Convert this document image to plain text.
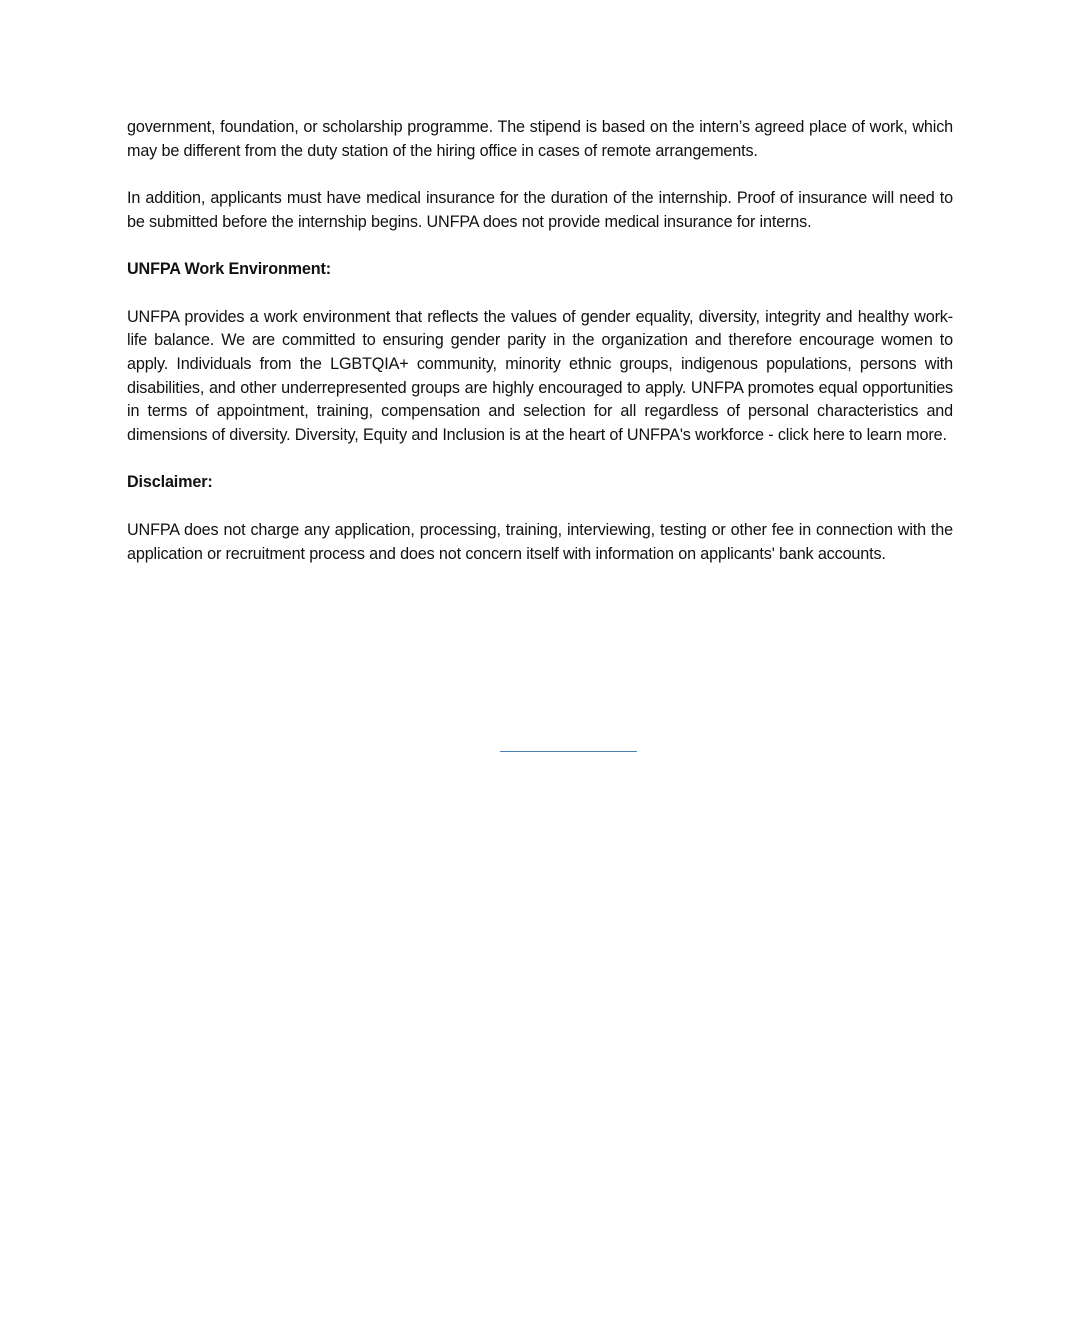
government, foundation, or scholarship programme. The stipend is based on the intern’s agreed place of work, which may be different from the duty station of the hiring office in cases of remote arrangements.

In addition, applicants must have medical insurance for the duration of the internship. Proof of insurance will need to be submitted before the internship begins. UNFPA does not provide medical insurance for interns.

UNFPA Work Environment:

UNFPA provides a work environment that reflects the values of gender equality, diversity, integrity and healthy work-life balance. We are committed to ensuring gender parity in the organization and therefore encourage women to apply. Individuals from the LGBTQIA+ community, minority ethnic groups, indigenous populations, persons with disabilities, and other underrepresented groups are highly encouraged to apply. UNFPA promotes equal opportunities in terms of appointment, training, compensation and selection for all regardless of personal characteristics and dimensions of diversity. Diversity, Equity and Inclusion is at the heart of UNFPA's workforce - click here to learn more.

Disclaimer:

UNFPA does not charge any application, processing, training, interviewing, testing or other fee in connection with the application or recruitment process and does not concern itself with information on applicants' bank accounts.
